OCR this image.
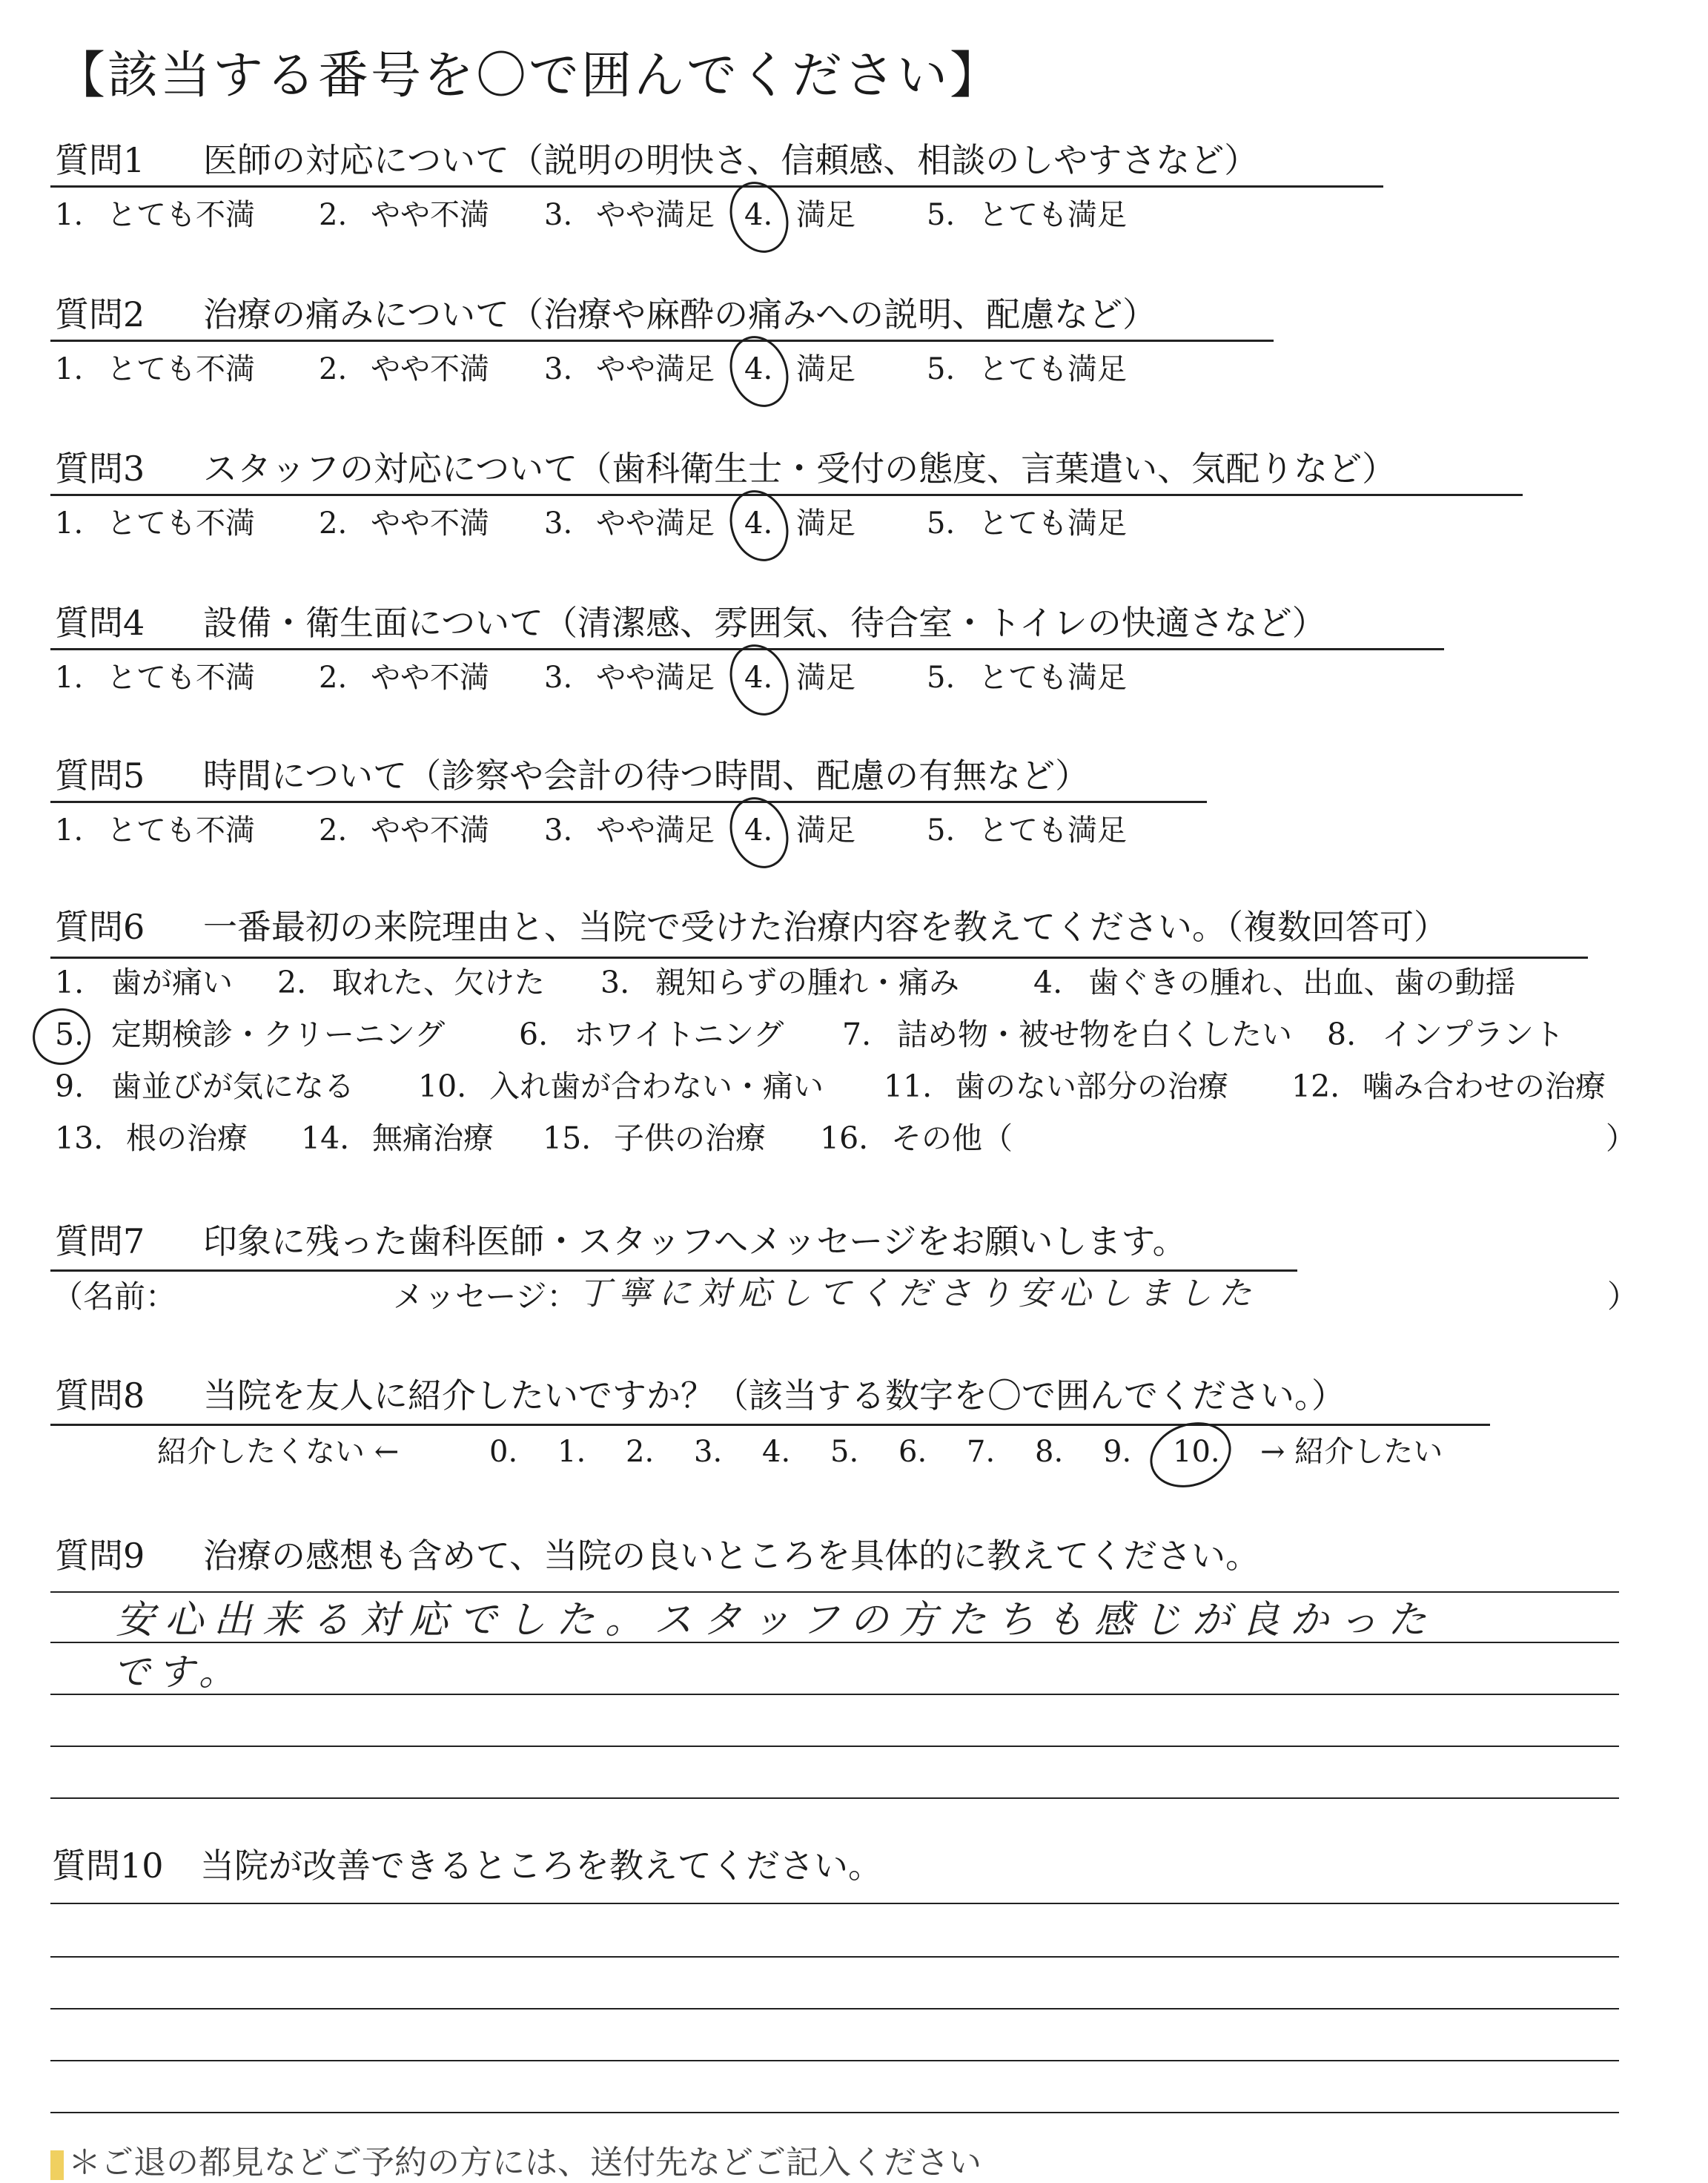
【該当する番号を〇で囲んでください】
質問1 医師の対応について（説明の明快さ、信頼感、相談のしやすさなど）
1. とても不満 2. やや不満 3. やや満足 4. 満足 5. とても満足
質問2 治療の痛みについて（治療や麻酔の痛みへの説明、配慮など）
1. とても不満 2. やや不満 3. やや満足 4. 満足 5. とても満足
質問3 スタッフの対応について（歯科衛生士・受付の態度、言葉遣い、気配りなど）
1. とても不満 2. やや不満 3. やや満足 4. 満足 5. とても満足
質問4 設備・衛生面について（清潔感、雰囲気、待合室・トイレの快適さなど）
1. とても不満 2. やや不満 3. やや満足 4. 満足 5. とても満足
質問5 時間について（診察や会計の待つ時間、配慮の有無など）
1. とても不満 2. やや不満 3. やや満足 4. 満足 5. とても満足
質問6 一番最初の来院理由と、当院で受けた治療内容を教えてください。（複数回答可）
1. 歯が痛い 2. 取れた、欠けた 3. 親知らずの腫れ・痛み 4. 歯ぐきの腫れ、出血、歯の動揺
5. 定期検診・クリーニング 6. ホワイトニング 7. 詰め物・被せ物を白くしたい 8. インプラント
9. 歯並びが気になる 10. 入れ歯が合わない・痛い 11. 歯のない部分の治療 12. 噛み合わせの治療
13. 根の治療 14. 無痛治療 15. 子供の治療 16. その他（	）
質問7 印象に残った歯科医師・スタッフへメッセージをお願いします。
（名前：	メッセージ： 丁寧に対応してくださり安心しました	）
質問8 当院を友人に紹介したいですか？（該当する数字を〇で囲んでください。）
紹介したくない ←	0. 1. 2. 3. 4. 5. 6. 7. 8. 9. 10. → 紹介したい
質問9 治療の感想も含めて、当院の良いところを具体的に教えてください。
安心出来る対応でした。スタッフの方たちも感じが良かった
です。
質問10 当院が改善できるところを教えてください。
＊ご退の都見などご予約の方には、送付先などご記入ください
